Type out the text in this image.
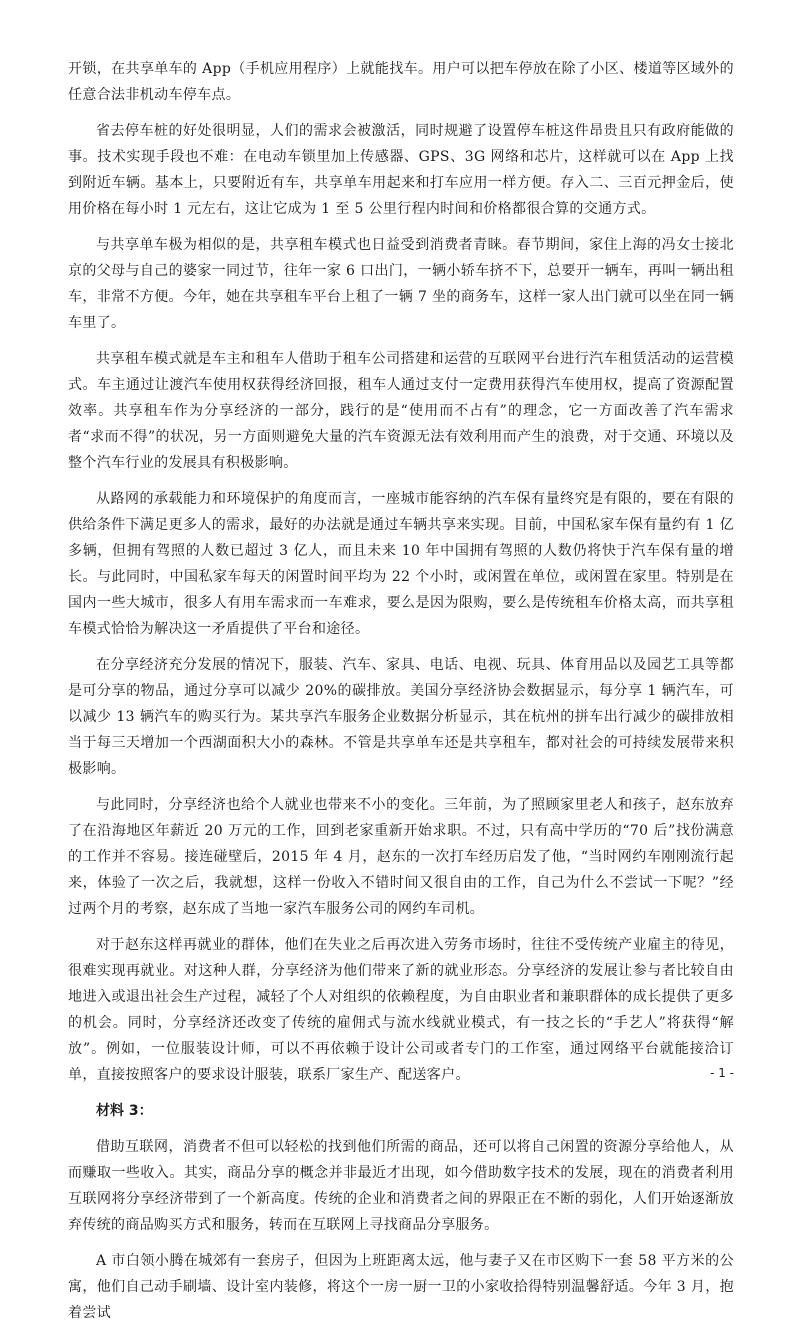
开锁，在共享单车的 App（手机应用程序）上就能找车。用户可以把车停放在除了小区、楼道等区域外的任意合法非机动车停车点。

省去停车桩的好处很明显，人们的需求会被激活，同时规避了设置停车桩这件昂贵且只有政府能做的事。技术实现手段也不难：在电动车锁里加上传感器、GPS、3G 网络和芯片，这样就可以在 App 上找到附近车辆。基本上，只要附近有车，共享单车用起来和打车应用一样方便。存入二、三百元押金后，使用价格在每小时 1 元左右，这让它成为 1 至 5 公里行程内时间和价格都很合算的交通方式。

与共享单车极为相似的是，共享租车模式也日益受到消费者青睐。春节期间，家住上海的冯女士接北京的父母与自己的婆家一同过节，往年一家 6 口出门，一辆小轿车挤不下，总要开一辆车，再叫一辆出租车，非常不方便。今年，她在共享租车平台上租了一辆 7 坐的商务车，这样一家人出门就可以坐在同一辆车里了。

共享租车模式就是车主和租车人借助于租车公司搭建和运营的互联网平台进行汽车租赁活动的运营模式。车主通过让渡汽车使用权获得经济回报，租车人通过支付一定费用获得汽车使用权，提高了资源配置效率。共享租车作为分享经济的一部分，践行的是“使用而不占有”的理念，它一方面改善了汽车需求者“求而不得”的状况，另一方面则避免大量的汽车资源无法有效利用而产生的浪费，对于交通、环境以及整个汽车行业的发展具有积极影响。

从路网的承载能力和环境保护的角度而言，一座城市能容纳的汽车保有量终究是有限的，要在有限的供给条件下满足更多人的需求，最好的办法就是通过车辆共享来实现。目前，中国私家车保有量约有 1 亿多辆，但拥有驾照的人数已超过 3 亿人，而且未来 10 年中国拥有驾照的人数仍将快于汽车保有量的增长。与此同时，中国私家车每天的闲置时间平均为 22 个小时，或闲置在单位，或闲置在家里。特别是在国内一些大城市，很多人有用车需求而一车难求，要么是因为限购，要么是传统租车价格太高，而共享租车模式恰恰为解决这一矛盾提供了平台和途径。

在分享经济充分发展的情况下，服装、汽车、家具、电话、电视、玩具、体育用品以及园艺工具等都是可分享的物品，通过分享可以减少 20%的碳排放。美国分享经济协会数据显示，每分享 1 辆汽车，可以减少 13 辆汽车的购买行为。某共享汽车服务企业数据分析显示，其在杭州的拼车出行减少的碳排放相当于每三天增加一个西湖面积大小的森林。不管是共享单车还是共享租车，都对社会的可持续发展带来积极影响。

与此同时，分享经济也给个人就业也带来不小的变化。三年前，为了照顾家里老人和孩子，赵东放弃了在沿海地区年薪近 20 万元的工作，回到老家重新开始求职。不过，只有高中学历的“70 后”找份满意的工作并不容易。接连碰壁后，2015 年 4 月，赵东的一次打车经历启发了他，“当时网约车刚刚流行起来，体验了一次之后，我就想，这样一份收入不错时间又很自由的工作，自己为什么不尝试一下呢？”经过两个月的考察，赵东成了当地一家汽车服务公司的网约车司机。

对于赵东这样再就业的群体，他们在失业之后再次进入劳务市场时，往往不受传统产业雇主的待见，很难实现再就业。对这种人群，分享经济为他们带来了新的就业形态。分享经济的发展让参与者比较自由地进入或退出社会生产过程，减轻了个人对组织的依赖程度，为自由职业者和兼职群体的成长提供了更多的机会。同时，分享经济还改变了传统的雇佣式与流水线就业模式，有一技之长的“手艺人”将获得“解放”。例如，一位服装设计师，可以不再依赖于设计公司或者专门的工作室，通过网络平台就能接洽订单，直接按照客户的要求设计服装，联系厂家生产、配送客户。

材料 3：

借助互联网，消费者不但可以轻松的找到他们所需的商品，还可以将自己闲置的资源分享给他人，从而赚取一些收入。其实，商品分享的概念并非最近才出现，如今借助数字技术的发展，现在的消费者利用互联网将分享经济带到了一个新高度。传统的企业和消费者之间的界限正在不断的弱化，人们开始逐渐放弃传统的商品购买方式和服务，转而在互联网上寻找商品分享服务。

A 市白领小腾在城郊有一套房子，但因为上班距离太远，他与妻子又在市区购下一套 58 平方米的公寓，他们自己动手刷墙、设计室内装修，将这个一房一厨一卫的小家收拾得特别温馨舒适。今年 3 月，抱着尝试

- 1 -
